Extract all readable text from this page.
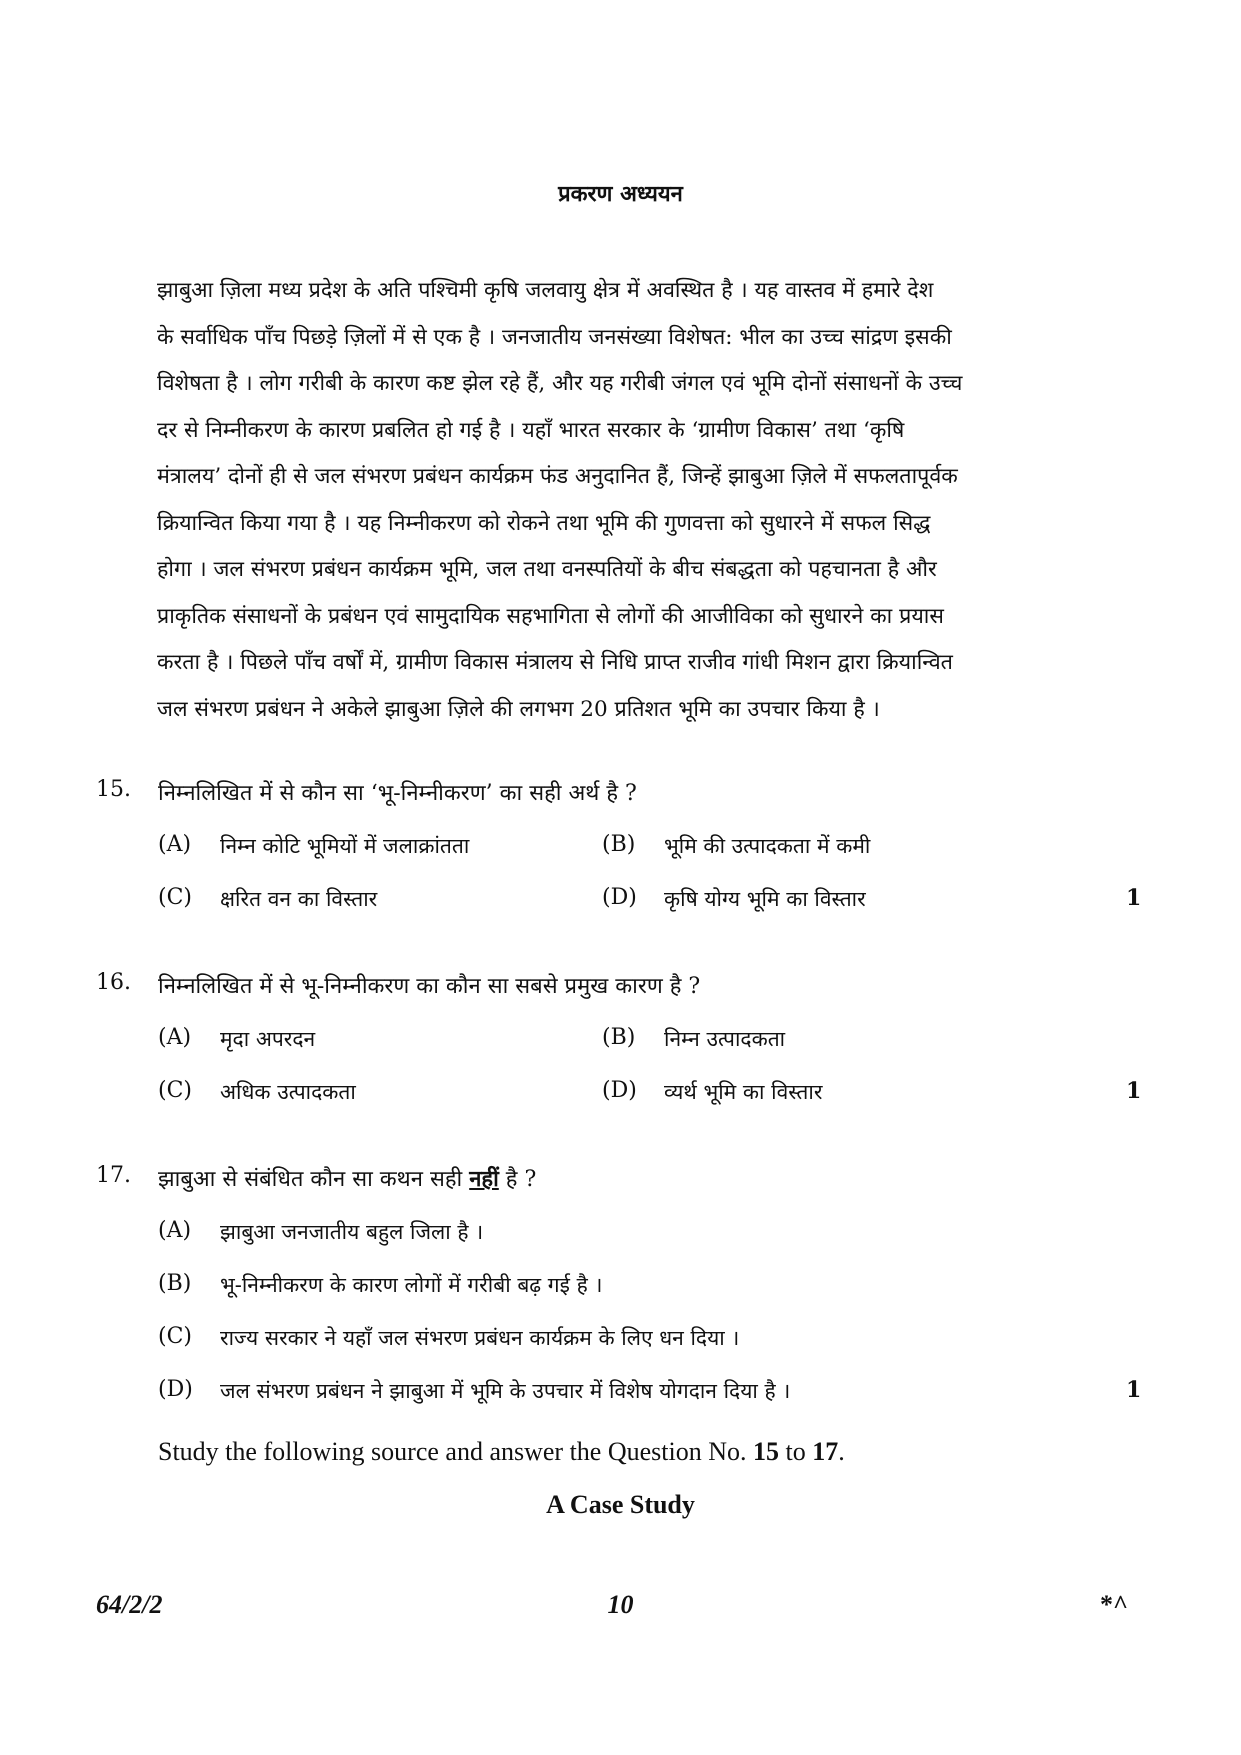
प्रकरण अध्ययन
झाबुआ ज़िला मध्य प्रदेश के अति पश्चिमी कृषि जलवायु क्षेत्र में अवस्थित है । यह वास्तव में हमारे देश
के सर्वाधिक पाँच पिछड़े ज़िलों में से एक है । जनजातीय जनसंख्या विशेषत: भील का उच्च सांद्रण इसकी
विशेषता है । लोग गरीबी के कारण कष्ट झेल रहे हैं, और यह गरीबी जंगल एवं भूमि दोनों संसाधनों के उच्च
दर से निम्नीकरण के कारण प्रबलित हो गई है । यहाँ भारत सरकार के ‘ग्रामीण विकास’ तथा ‘कृषि
मंत्रालय’ दोनों ही से जल संभरण प्रबंधन कार्यक्रम फंड अनुदानित हैं, जिन्हें झाबुआ ज़िले में सफलतापूर्वक
क्रियान्वित किया गया है । यह निम्नीकरण को रोकने तथा भूमि की गुणवत्ता को सुधारने में सफल सिद्ध
होगा । जल संभरण प्रबंधन कार्यक्रम भूमि, जल तथा वनस्पतियों के बीच संबद्धता को पहचानता है और
प्राकृतिक संसाधनों के प्रबंधन एवं सामुदायिक सहभागिता से लोगों की आजीविका को सुधारने का प्रयास
करता है । पिछले पाँच वर्षों में, ग्रामीण विकास मंत्रालय से निधि प्राप्त राजीव गांधी मिशन द्वारा क्रियान्वित
जल संभरण प्रबंधन ने अकेले झाबुआ ज़िले की लगभग 20 प्रतिशत भूमि का उपचार किया है ।
15. निम्नलिखित में से कौन सा ‘भू-निम्नीकरण’ का सही अर्थ है ?
(A) निम्न कोटि भूमियों में जलाक्रांतता	(B) भूमि की उत्पादकता में कमी
(C) क्षरित वन का विस्तार	(D) कृषि योग्य भूमि का विस्तार	1
16. निम्नलिखित में से भू-निम्नीकरण का कौन सा सबसे प्रमुख कारण है ?
(A) मृदा अपरदन	(B) निम्न उत्पादकता
(C) अधिक उत्पादकता	(D) व्यर्थ भूमि का विस्तार	1
17. झाबुआ से संबंधित कौन सा कथन सही नहीं है ?
(A) झाबुआ जनजातीय बहुल जिला है ।
(B) भू-निम्नीकरण के कारण लोगों में गरीबी बढ़ गई है ।
(C) राज्य सरकार ने यहाँ जल संभरण प्रबंधन कार्यक्रम के लिए धन दिया ।
(D) जल संभरण प्रबंधन ने झाबुआ में भूमि के उपचार में विशेष योगदान दिया है ।	1
Study the following source and answer the Question No. 15 to 17.
A Case Study
64/2/2	10	*^
